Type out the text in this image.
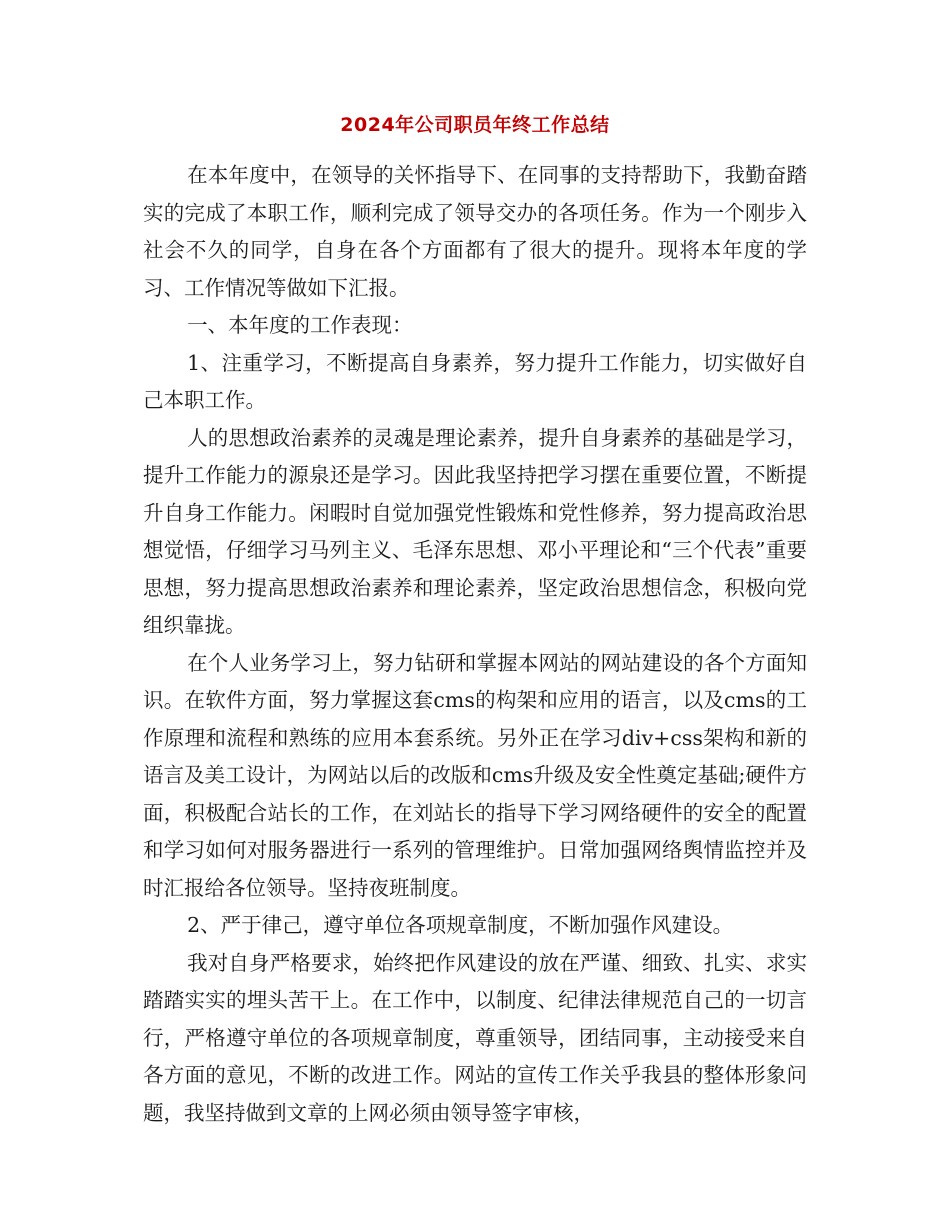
2024年公司职员年终工作总结

在本年度中，在领导的关怀指导下、在同事的支持帮助下，我勤奋踏实的完成了本职工作，顺利完成了领导交办的各项任务。作为一个刚步入社会不久的同学，自身在各个方面都有了很大的提升。现将本年度的学习、工作情况等做如下汇报。

一、本年度的工作表现：

1、注重学习，不断提高自身素养，努力提升工作能力，切实做好自己本职工作。

人的思想政治素养的灵魂是理论素养，提升自身素养的基础是学习，提升工作能力的源泉还是学习。因此我坚持把学习摆在重要位置，不断提升自身工作能力。闲暇时自觉加强党性锻炼和党性修养，努力提高政治思想觉悟，仔细学习马列主义、毛泽东思想、邓小平理论和“三个代表”重要思想，努力提高思想政治素养和理论素养，坚定政治思想信念，积极向党组织靠拢。

在个人业务学习上，努力钻研和掌握本网站的网站建设的各个方面知识。在软件方面，努力掌握这套cms的构架和应用的语言，以及cms的工作原理和流程和熟练的应用本套系统。另外正在学习div+css架构和新的语言及美工设计，为网站以后的改版和cms升级及安全性奠定基础;硬件方面，积极配合站长的工作，在刘站长的指导下学习网络硬件的安全的配置和学习如何对服务器进行一系列的管理维护。日常加强网络舆情监控并及时汇报给各位领导。坚持夜班制度。

2、严于律己，遵守单位各项规章制度，不断加强作风建设。

我对自身严格要求，始终把作风建设的放在严谨、细致、扎实、求实踏踏实实的埋头苦干上。在工作中，以制度、纪律法律规范自己的一切言行，严格遵守单位的各项规章制度，尊重领导，团结同事，主动接受来自各方面的意见，不断的改进工作。网站的宣传工作关乎我县的整体形象问题，我坚持做到文章的上网必须由领导签字审核，
